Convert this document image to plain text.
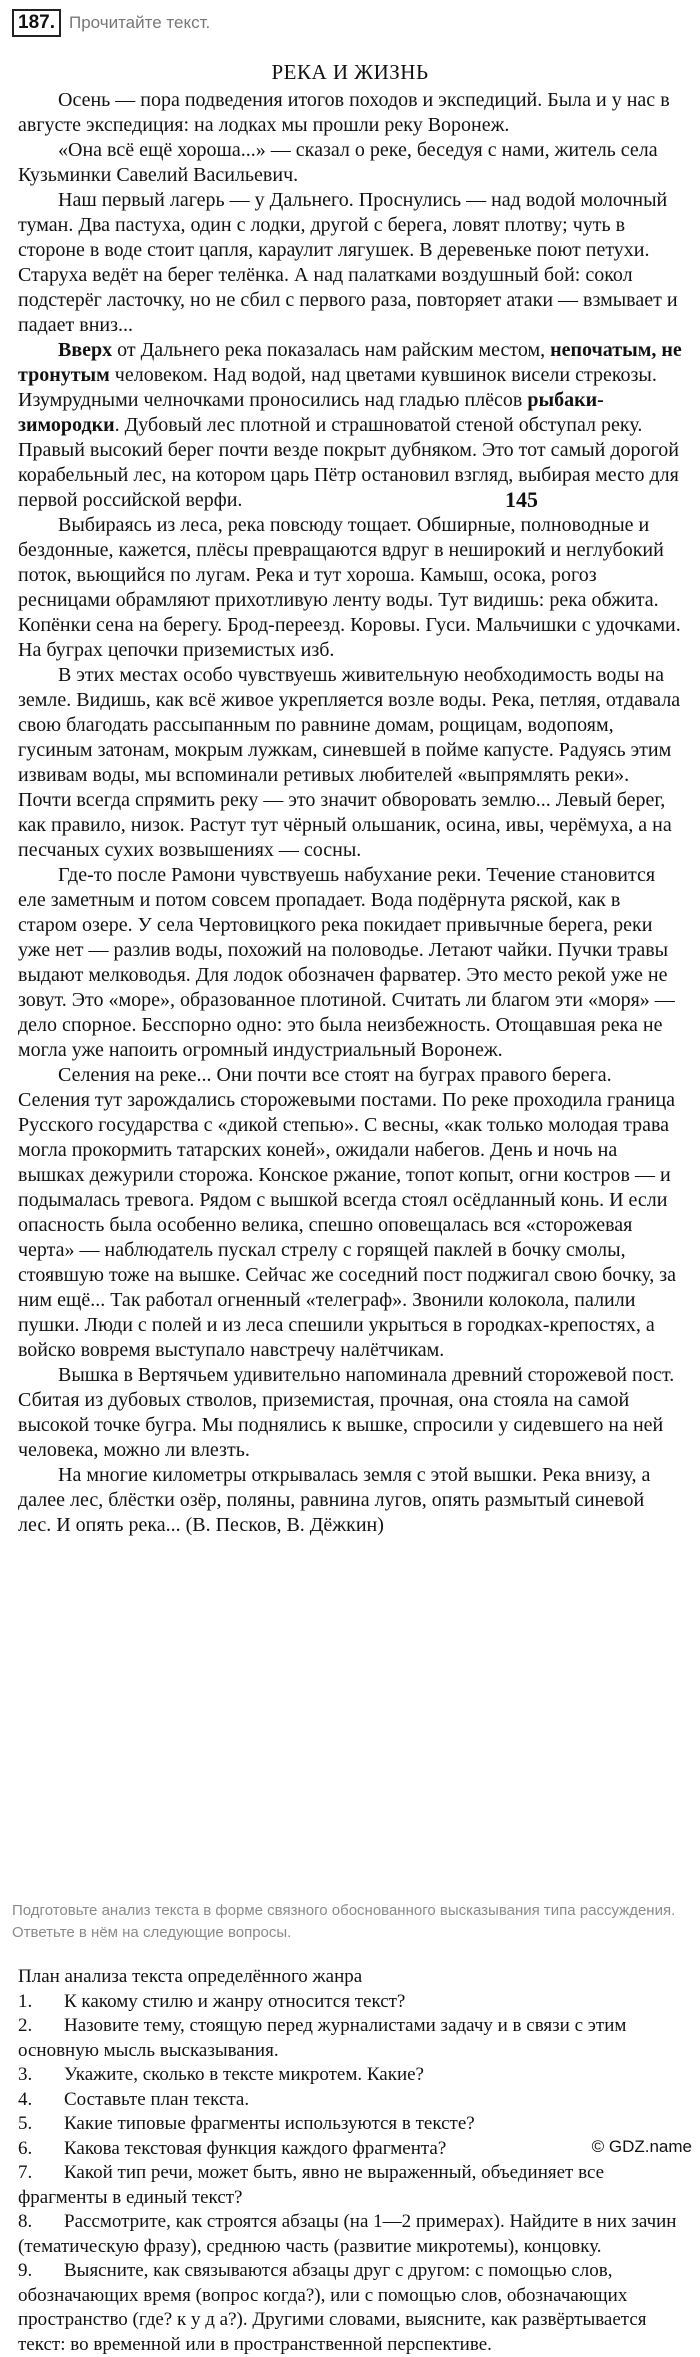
187. Прочитайте текст.
РЕКА И ЖИЗНЬ

Осень — пора подведения итогов походов и экспедиций. Была и у нас в августе экспедиция: на лодках мы прошли реку Воронеж.

«Она всё ещё хороша...» — сказал о реке, беседуя с нами, житель села Кузьминки Савелий Васильевич.

Наш первый лагерь — у Дальнего. Проснулись — над водой молочный туман. Два пастуха, один с лодки, другой с берега, ловят плотву; чуть в стороне в воде стоит цапля, караулит лягушек. В деревеньке поют петухи. Старуха ведёт на берег телёнка. А над палатками воздушный бой: сокол подстерёг ласточку, но не сбил с первого раза, повторяет атаки — взмывает и падает вниз...

Вверх от Дальнего река показалась нам райским местом, непочатым, не тронутым человеком. Над водой, над цветами кувшинок висели стрекозы. Изумрудными челночками проносились над гладью плёсов рыбаки-зимородки. Дубовый лес плотной и страшноватой стеной обступал реку. Правый высокий берег почти везде покрыт дубняком. Это тот самый дорогой корабельный лес, на котором царь Пётр остановил взгляд, выбирая место для первой российской верфи.

Выбираясь из леса, река повсюду тощает. Обширные, полноводные и бездонные, кажется, плёсы превращаются вдруг в неширокий и неглубокий поток, вьющийся по лугам. Река и тут хороша. Камыш, осока, рогоз ресницами обрамляют прихотливую ленту воды. Тут видишь: река обжита. Копёнки сена на берегу. Брод-переезд. Коровы. Гуси. Мальчишки с удочками. На буграх цепочки приземистых изб.

В этих местах особо чувствуешь живительную необходимость воды на земле. Видишь, как всё живое укрепляется возле воды. Река, петляя, отдавала свою благодать рассыпанным по равнине домам, рощицам, водопоям, гусиным затонам, мокрым лужкам, синевшей в пойме капусте. Радуясь этим извивам воды, мы вспоминали ретивых любителей «выпрямлять реки». Почти всегда спрямить реку — это значит обворовать землю... Левый берег, как правило, низок. Растут тут чёрный ольшаник, осина, ивы, черёмуха, а на песчаных сухих возвышениях — сосны.

Где-то после Рамони чувствуешь набухание реки. Течение становится еле заметным и потом совсем пропадает. Вода подёрнута ряской, как в старом озере. У села Чертовицкого река покидает привычные берега, реки уже нет — разлив воды, похожий на половодье. Летают чайки. Пучки травы выдают мелководья. Для лодок обозначен фарватер. Это место рекой уже не зовут. Это «море», образованное плотиной. Считать ли благом эти «моря» — дело спорное. Бесспорно одно: это была неизбежность. Отощавшая река не могла уже напоить огромный индустриальный Воронеж.

Селения на реке... Они почти все стоят на буграх правого берега. Селения тут зарождались сторожевыми постами. По реке проходила граница Русского государства с «дикой степью». С весны, «как только молодая трава могла прокормить татарских коней», ожидали набегов. День и ночь на вышках дежурили сторожа. Конское ржание, топот копыт, огни костров — и подымалась тревога. Рядом с вышкой всегда стоял осёдланный конь. И если опасность была особенно велика, спешно оповещалась вся «сторожевая черта» — наблюдатель пускал стрелу с горящей паклей в бочку смолы, стоявшую тоже на вышке. Сейчас же соседний пост поджигал свою бочку, за ним ещё... Так работал огненный «телеграф». Звонили колокола, палили пушки. Люди с полей и из леса спешили укрыться в городках-крепостях, а войско вовремя выступало навстречу налётчикам.

Вышка в Вертячьем удивительно напоминала древний сторожевой пост. Сбитая из дубовых стволов, приземистая, прочная, она стояла на самой высокой точке бугра. Мы поднялись к вышке, спросили у сидевшего на ней человека, можно ли влезть.

На многие километры открывалась земля с этой вышки. Река внизу, а далее лес, блёстки озёр, поляны, равнина лугов, опять размытый синевой лес. И опять река... (В. Песков, В. Дёжкин)

145
Подготовьте анализ текста в форме связного обоснованного высказывания типа рассуждения. Ответьте в нём на следующие вопросы.

План анализа текста определённого жанра

1. К какому стилю и жанру относится текст?

2. Назовите тему, стоящую перед журналистами задачу и в связи с этим основную мысль высказывания.

3. Укажите, сколько в тексте микротем. Какие?

4. Составьте план текста.

5. Какие типовые фрагменты используются в тексте?

6. Какова текстовая функция каждого фрагмента?

7. Какой тип речи, может быть, явно не выраженный, объединяет все фрагменты в единый текст?

8. Рассмотрите, как строятся абзацы (на 1—2 примерах). Найдите в них зачин (тематическую фразу), среднюю часть (развитие микротемы), концовку.

9. Выясните, как связываются абзацы друг с другом: с помощью слов, обозначающих время (вопрос когда?), или с помощью слов, обозначающих пространство (где? к у д а?). Другими словами, выясните, как развёртывается текст: во временной или в пространственной перспективе.

© GDZ.name
